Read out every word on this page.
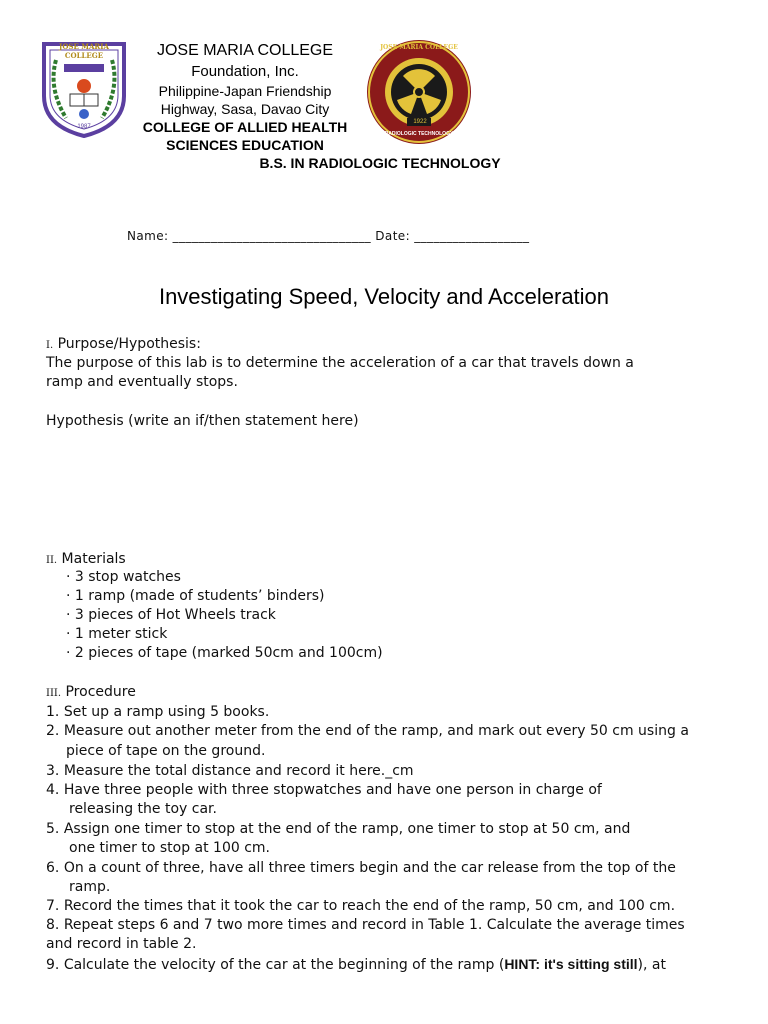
JOSE MARIA COLLEGE
FOUNDATION, INC.
1987
JOSE MARIA COLLEGE
Foundation, Inc.
Philippine-Japan Friendship
Highway, Sasa, Davao City
COLLEGE OF ALLIED HEALTH
SCIENCES EDUCATION
B.S. IN RADIOLOGIC TECHNOLOGY
JOSE MARIA COLLEGE
1922
RADIOLOGIC TECHNOLOGY
Name: _______________________________ Date: __________________
Investigating Speed, Velocity and Acceleration
I. Purpose/Hypothesis:
The purpose of this lab is to determine the acceleration of a car that travels down a
ramp and eventually stops.
Hypothesis (write an if/then statement here)
II. Materials
· 3 stop watches
· 1 ramp (made of students’ binders)
· 3 pieces of Hot Wheels track
· 1 meter stick
· 2 pieces of tape (marked 50cm and 100cm)
III. Procedure
1. Set up a ramp using 5 books.
2. Measure out another meter from the end of the ramp, and mark out every 50 cm using a
piece of tape on the ground.
3. Measure the total distance and record it here._cm
4. Have three people with three stopwatches and have one person in charge of
releasing the toy car.
5. Assign one timer to stop at the end of the ramp, one timer to stop at 50 cm, and
one timer to stop at 100 cm.
6. On a count of three, have all three timers begin and the car release from the top of the
ramp.
7. Record the times that it took the car to reach the end of the ramp, 50 cm, and 100 cm.
8. Repeat steps 6 and 7 two more times and record in Table 1. Calculate the average times
and record in table 2.
9. Calculate the velocity of the car at the beginning of the ramp (HINT: it's sitting still), at
